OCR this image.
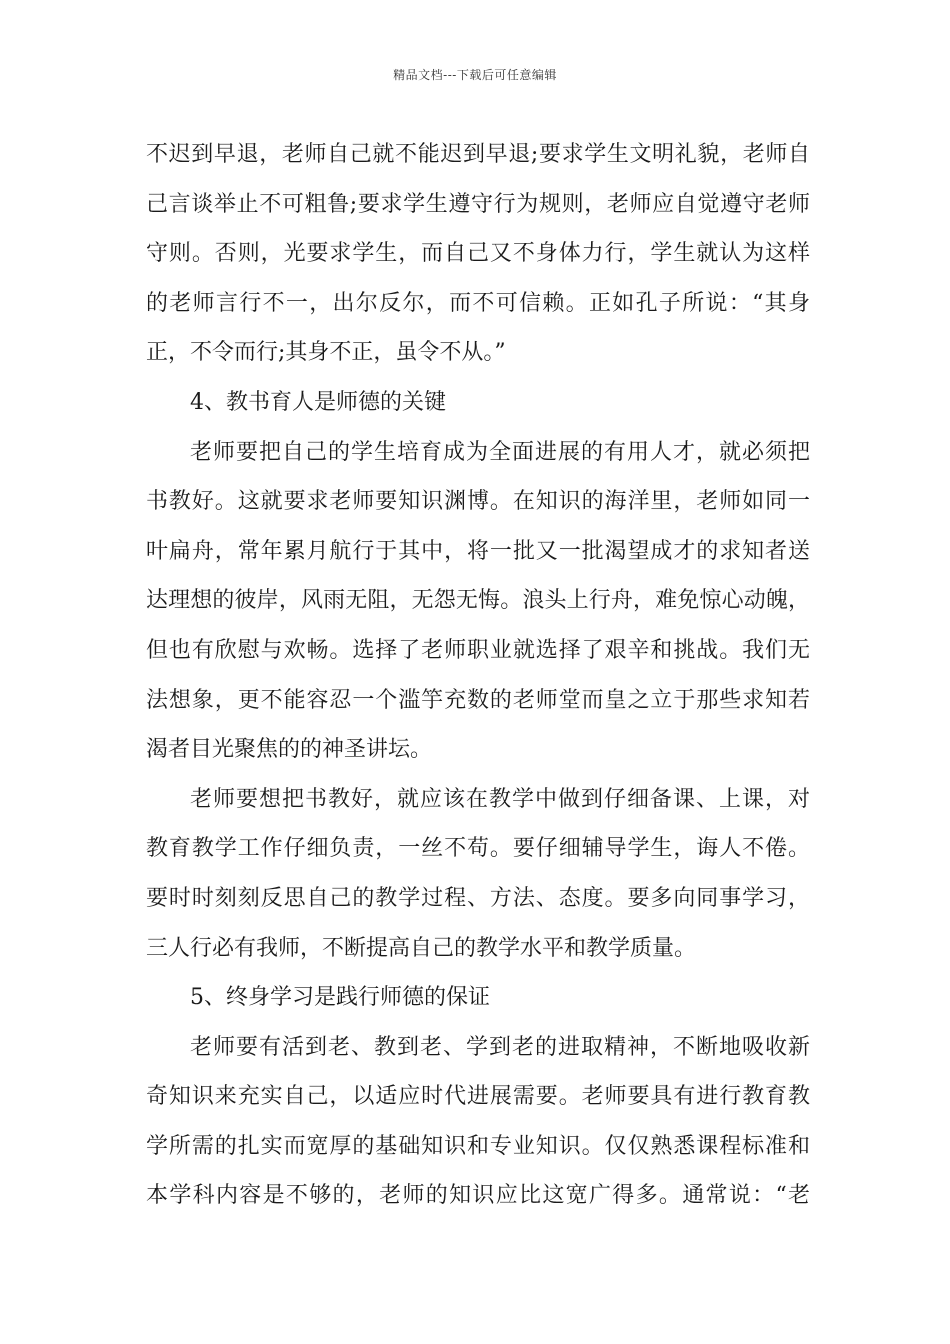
精品文档---下载后可任意编辑
不迟到早退，老师自己就不能迟到早退;要求学生文明礼貌，老师自
己言谈举止不可粗鲁;要求学生遵守行为规则，老师应自觉遵守老师
守则。否则，光要求学生，而自己又不身体力行，学生就认为这样
的老师言行不一，出尔反尔，而不可信赖。正如孔子所说：“其身
正，不令而行;其身不正，虽令不从。”
4、教书育人是师德的关键
老师要把自己的学生培育成为全面进展的有用人才，就必须把
书教好。这就要求老师要知识渊博。在知识的海洋里，老师如同一
叶扁舟，常年累月航行于其中，将一批又一批渴望成才的求知者送
达理想的彼岸，风雨无阻，无怨无悔。浪头上行舟，难免惊心动魄，
但也有欣慰与欢畅。选择了老师职业就选择了艰辛和挑战。我们无
法想象，更不能容忍一个滥竽充数的老师堂而皇之立于那些求知若
渴者目光聚焦的的神圣讲坛。
老师要想把书教好，就应该在教学中做到仔细备课、上课，对
教育教学工作仔细负责，一丝不苟。要仔细辅导学生，诲人不倦。
要时时刻刻反思自己的教学过程、方法、态度。要多向同事学习，
三人行必有我师，不断提高自己的教学水平和教学质量。
5、终身学习是践行师德的保证
老师要有活到老、教到老、学到老的进取精神，不断地吸收新
奇知识来充实自己，以适应时代进展需要。老师要具有进行教育教
学所需的扎实而宽厚的基础知识和专业知识。仅仅熟悉课程标准和
本学科内容是不够的，老师的知识应比这宽广得多。通常说：“老
